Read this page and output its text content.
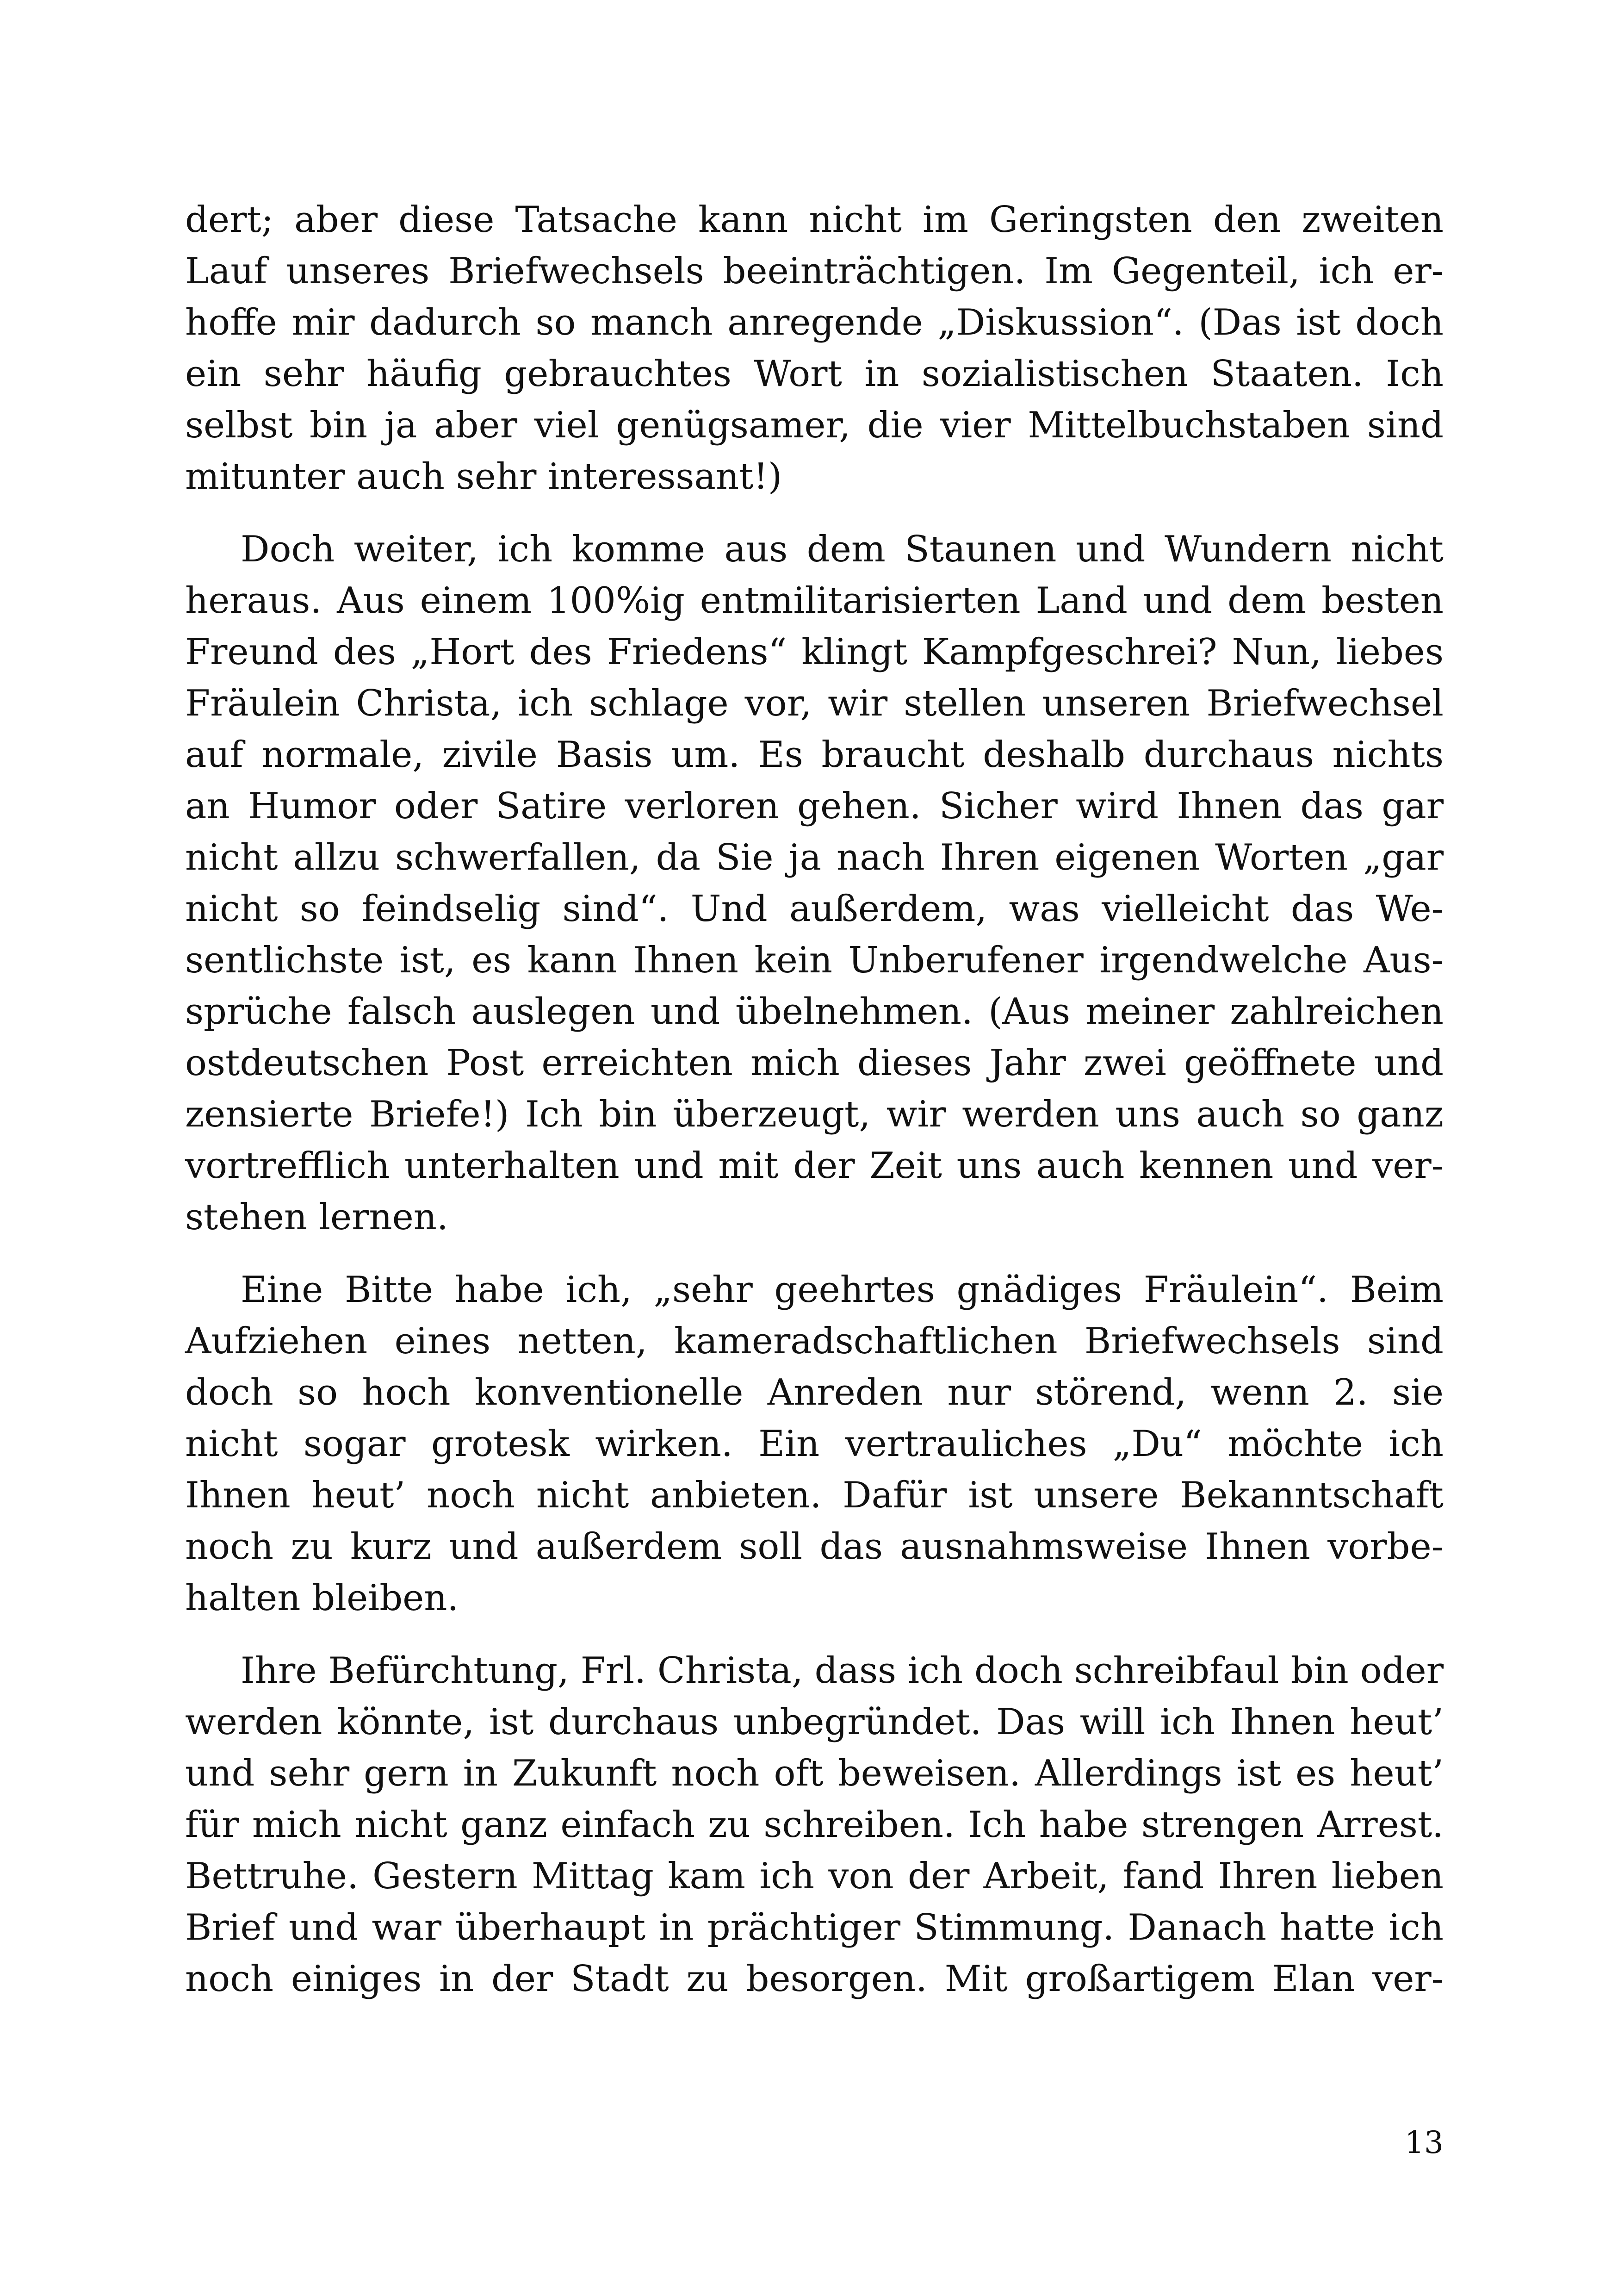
dert; aber diese Tatsache kann nicht im Geringsten den zweiten
Lauf unseres Briefwechsels beeinträchtigen. Im Gegenteil, ich er-
hoffe mir dadurch so manch anregende „Diskussion“. (Das ist doch
ein sehr häufig gebrauchtes Wort in sozialistischen Staaten. Ich
selbst bin ja aber viel genügsamer, die vier Mittelbuchstaben sind
mitunter auch sehr interessant!)
Doch weiter, ich komme aus dem Staunen und Wundern nicht
heraus. Aus einem 100%ig entmilitarisierten Land und dem besten
Freund des „Hort des Friedens“ klingt Kampfgeschrei? Nun, liebes
Fräulein Christa, ich schlage vor, wir stellen unseren Briefwechsel
auf normale, zivile Basis um. Es braucht deshalb durchaus nichts
an Humor oder Satire verloren gehen. Sicher wird Ihnen das gar
nicht allzu schwerfallen, da Sie ja nach Ihren eigenen Worten „gar
nicht so feindselig sind“. Und außerdem, was vielleicht das We-
sentlichste ist, es kann Ihnen kein Unberufener irgendwelche Aus-
sprüche falsch auslegen und übelnehmen. (Aus meiner zahlreichen
ostdeutschen Post erreichten mich dieses Jahr zwei geöffnete und
zensierte Briefe!) Ich bin überzeugt, wir werden uns auch so ganz
vortrefflich unterhalten und mit der Zeit uns auch kennen und ver-
stehen lernen.
Eine Bitte habe ich, „sehr geehrtes gnädiges Fräulein“. Beim
Aufziehen eines netten, kameradschaftlichen Briefwechsels sind
doch so hoch konventionelle Anreden nur störend, wenn 2. sie
nicht sogar grotesk wirken. Ein vertrauliches „Du“ möchte ich
Ihnen heut’ noch nicht anbieten. Dafür ist unsere Bekanntschaft
noch zu kurz und außerdem soll das ausnahmsweise Ihnen vorbe-
halten bleiben.
Ihre Befürchtung, Frl. Christa, dass ich doch schreibfaul bin oder
werden könnte, ist durchaus unbegründet. Das will ich Ihnen heut’
und sehr gern in Zukunft noch oft beweisen. Allerdings ist es heut’
für mich nicht ganz einfach zu schreiben. Ich habe strengen Arrest.
Bettruhe. Gestern Mittag kam ich von der Arbeit, fand Ihren lieben
Brief und war überhaupt in prächtiger Stimmung. Danach hatte ich
noch einiges in der Stadt zu besorgen. Mit großartigem Elan ver-
13
